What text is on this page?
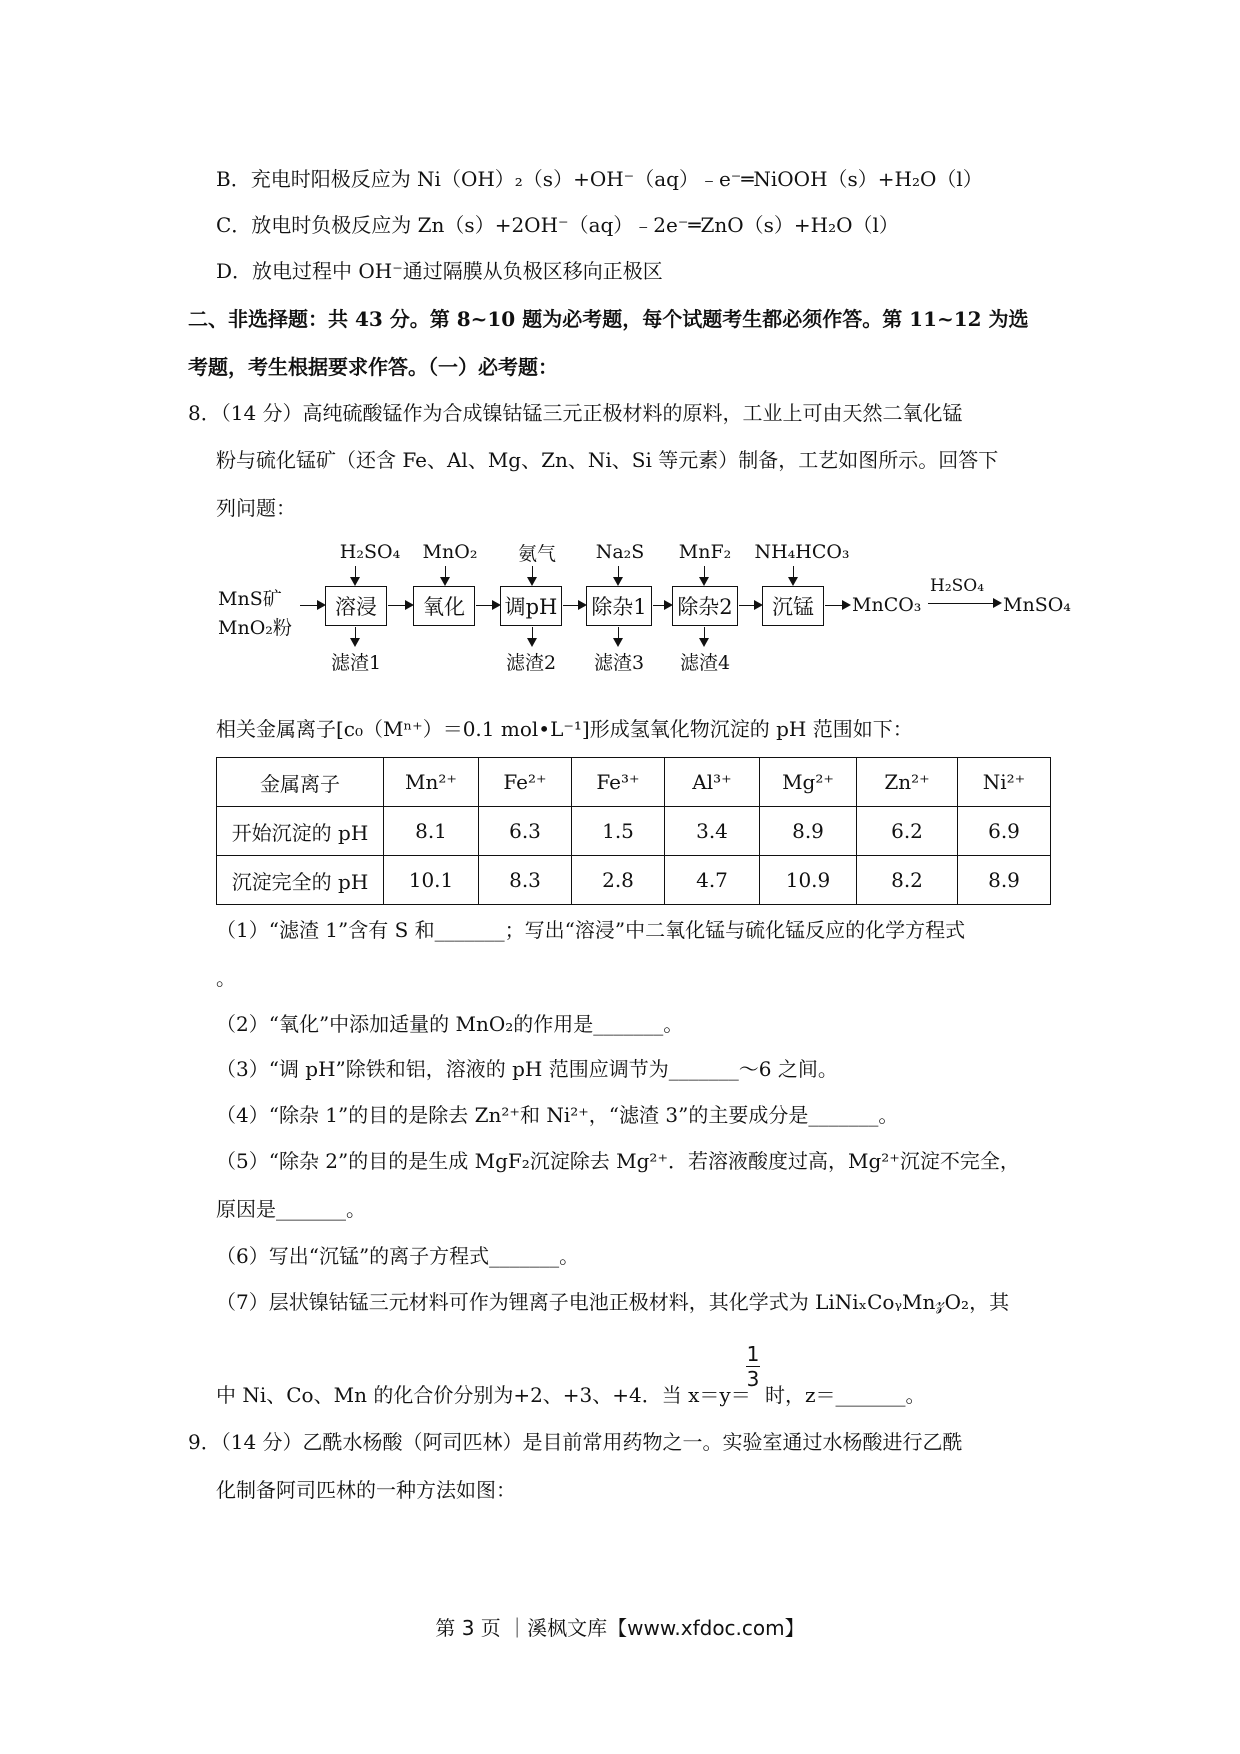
B．充电时阳极反应为 Ni（OH）₂（s）+OH⁻（aq）﹣e⁻═NiOOH（s）+H₂O（l）
C．放电时负极反应为 Zn（s）+2OH⁻（aq）﹣2e⁻═ZnO（s）+H₂O（l）
D．放电过程中 OH⁻通过隔膜从负极区移向正极区
二、非选择题：共 43 分。第 8~10 题为必考题，每个试题考生都必须作答。第 11~12 为选
考题，考生根据要求作答。（一）必考题：
8．（14 分）高纯硫酸锰作为合成镍钴锰三元正极材料的原料，工业上可由天然二氧化锰
粉与硫化锰矿（还含 Fe、Al、Mg、Zn、Ni、Si 等元素）制备，工艺如图所示。回答下
列问题：
MnS矿
MnO₂粉
H₂SO₄	MnO₂	氨气	Na₂S	MnF₂	NH₄HCO₃
溶浸	氧化	调pH 除杂1 除杂2	沉锰	MnCO₃
H₂SO₄
MnSO₄
滤渣1	滤渣2	滤渣3	滤渣4
相关金属离子[c₀（Mⁿ⁺）＝0.1 mol•L⁻¹]形成氢氧化物沉淀的 pH 范围如下：
金属离子	Mn²⁺	Fe²⁺	Fe³⁺	Al³⁺	Mg²⁺	Zn²⁺	Ni²⁺
开始沉淀的 pH	8.1	6.3	1.5	3.4	8.9	6.2	6.9
沉淀完全的 pH	10.1	8.3	2.8	4.7	10.9	8.2	8.9
（1）“滤渣 1”含有 S 和_______；写出“溶浸”中二氧化锰与硫化锰反应的化学方程式
。
（2）“氧化”中添加适量的 MnO₂的作用是_______。
（3）“调 pH”除铁和铝，溶液的 pH 范围应调节为_______～6 之间。
（4）“除杂 1”的目的是除去 Zn²⁺和 Ni²⁺，“滤渣 3”的主要成分是_______。
（5）“除杂 2”的目的是生成 MgF₂沉淀除去 Mg²⁺．若溶液酸度过高，Mg²⁺沉淀不完全，
原因是_______。
（6）写出“沉锰”的离子方程式_______。
（7）层状镍钴锰三元材料可作为锂离子电池正极材料，其化学式为 LiNiₓCoᵧMn𝓏O₂，其
中 Ni、Co、Mn 的化合价分别为+2、+3、+4．当 x＝y＝
1
3
时，z＝_______。
9．（14 分）乙酰水杨酸（阿司匹林）是目前常用药物之一。实验室通过水杨酸进行乙酰
化制备阿司匹林的一种方法如图：
第 3 页 ｜溪枫文库【www.xfdoc.com】
